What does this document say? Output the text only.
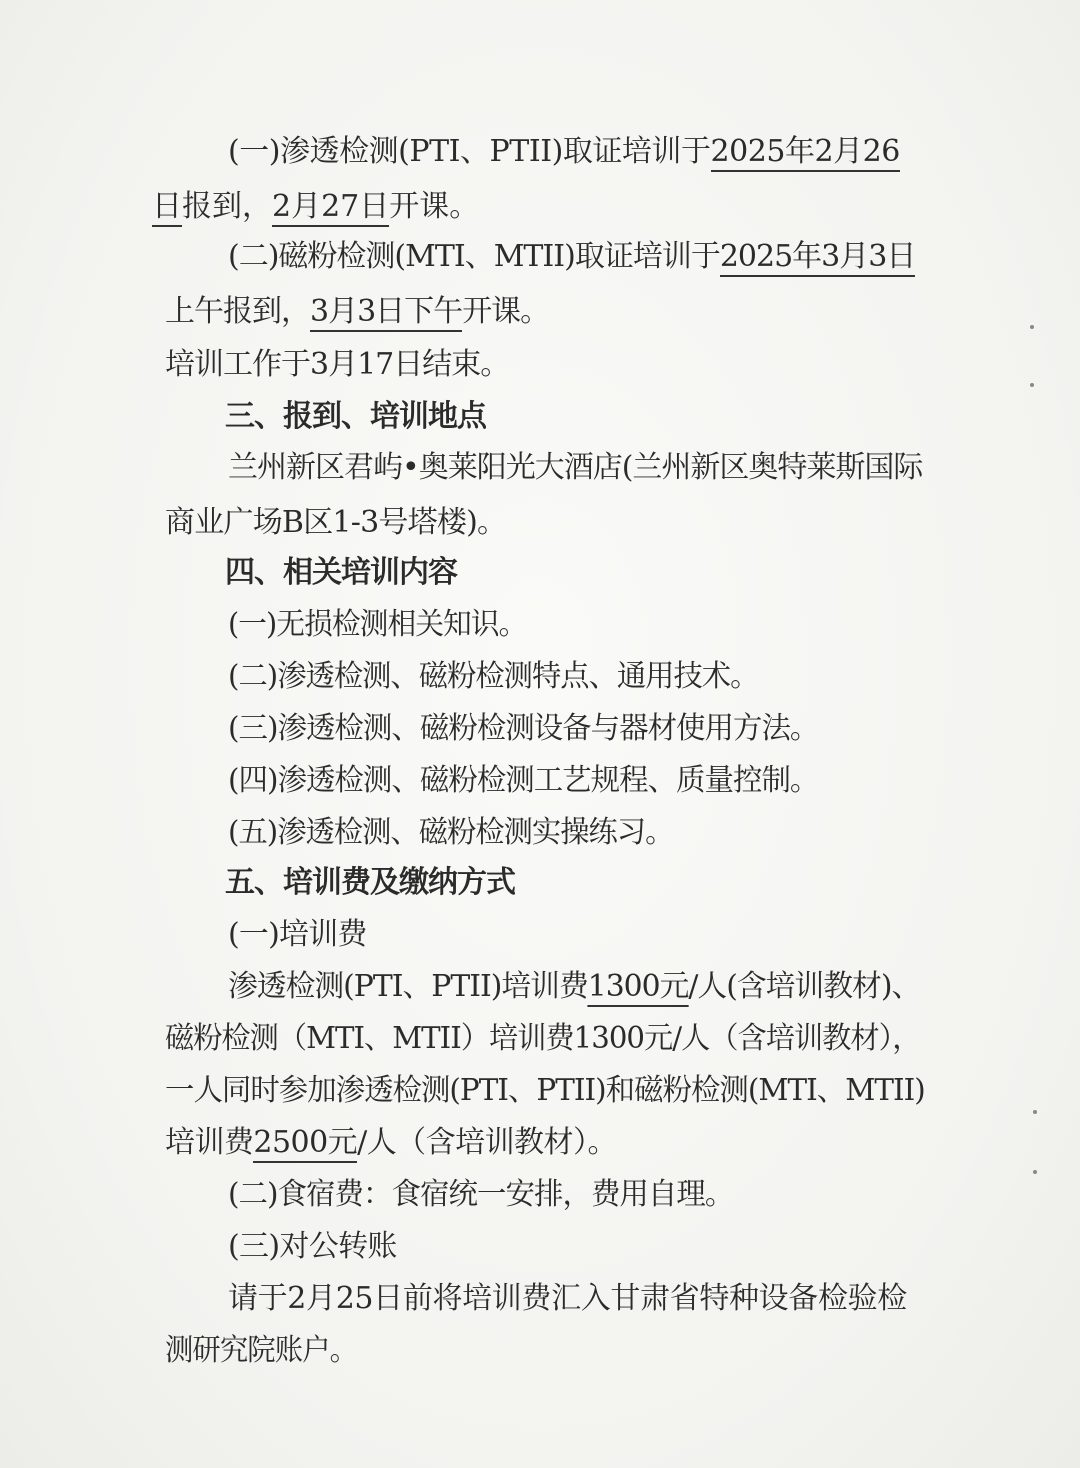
(一)渗透检测(PTI、PTII)取证培训于2025年2月26
日报到，2月27日开课。
(二)磁粉检测(MTI、MTII)取证培训于2025年3月3日
上午报到，3月3日下午开课。
培训工作于3月17日结束。
三、报到、培训地点
兰州新区君屿•奥莱阳光大酒店(兰州新区奥特莱斯国际
商业广场B区1-3号塔楼)。
四、相关培训内容
(一)无损检测相关知识。
(二)渗透检测、磁粉检测特点、通用技术。
(三)渗透检测、磁粉检测设备与器材使用方法。
(四)渗透检测、磁粉检测工艺规程、质量控制。
(五)渗透检测、磁粉检测实操练习。
五、培训费及缴纳方式
(一)培训费
渗透检测(PTI、PTII)培训费1300元/人(含培训教材)、
磁粉检测（MTI、MTII）培训费1300元/人（含培训教材），
一人同时参加渗透检测(PTI、PTII)和磁粉检测(MTI、MTII)
培训费2500元/人（含培训教材）。
(二)食宿费：食宿统一安排，费用自理。
(三)对公转账
请于2月25日前将培训费汇入甘肃省特种设备检验检
测研究院账户。
